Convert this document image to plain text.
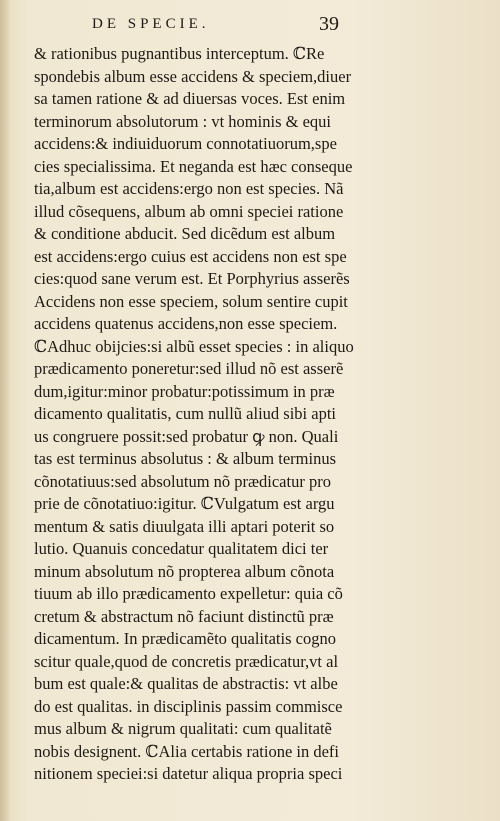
DE SPECIE.	39
& rationibus pugnantibus interceptum. ℂRe
spondebis album esse accidens & speciem,diuer
sa tamen ratione & ad diuersas voces. Est enim
terminorum absolutorum : vt hominis & equi
accidens:& indiuiduorum connotatiuorum,spe
cies specialissima. Et neganda est hæc conseque
tia,album est accidens:ergo non est species. Nã
illud cõsequens, album ab omni speciei ratione
& conditione abducit. Sed dicẽdum est album
est accidens:ergo cuius est accidens non est spe
cies:quod sane verum est. Et Porphyrius asserẽs
Accidens non esse speciem, solum sentire cupit
accidens quatenus accidens,non esse speciem.
ℂAdhuc obijcies:si albũ esset species : in aliquo
prædicamento poneretur:sed illud nõ est asserẽ
dum,igitur:minor probatur:potissimum in præ
dicamento qualitatis, cum nullũ aliud sibi apti
us congruere possit:sed probatur ꝙ non. Quali
tas est terminus absolutus : & album terminus
cõnotatiuus:sed absolutum nõ prædicatur pro
prie de cõnotatiuo:igitur. ℂVulgatum est argu
mentum & satis diuulgata illi aptari poterit so
lutio. Quanuis concedatur qualitatem dici ter
minum absolutum nõ propterea album cõnota
tiuum ab illo prædicamento expelletur: quia cõ
cretum & abstractum nõ faciunt distinctũ præ
dicamentum. In prædicamẽto qualitatis cogno
scitur quale,quod de concretis prædicatur,vt al
bum est quale:& qualitas de abstractis: vt albe
do est qualitas. in disciplinis passim commisce
mus album & nigrum qualitati: cum qualitatẽ
nobis designent. ℂAlia certabis ratione in defi
nitionem speciei:si datetur aliqua propria speci
